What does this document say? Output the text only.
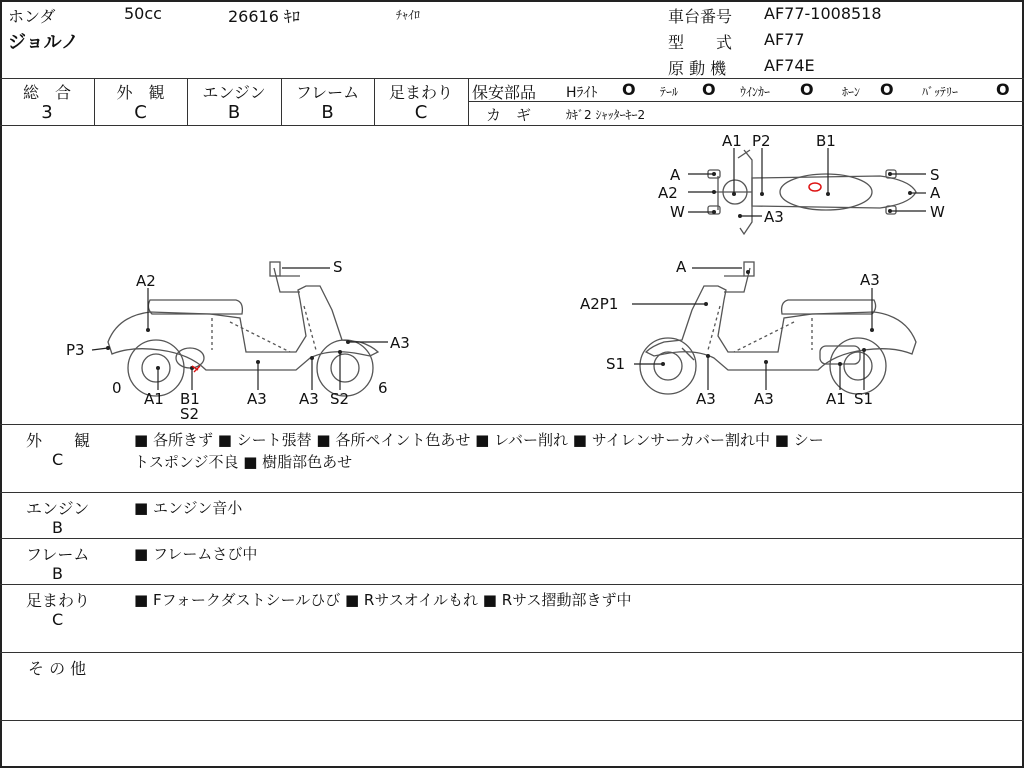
ホンダ	50cc	26616 ｷﾛ	ﾁｬｲﾛ
ジョルノ
車台番号 AF77-1008518
型　　式 AF77
原 動 機 AF74E
総　合
3
外　観
C
エンジン
B
フレーム
B
足まわり
C
保安部品 Hﾗｲﾄ O ﾃｰﾙ O ｳｲﾝｶｰ O ﾎｰﾝ O ﾊﾞｯﾃﾘｰ O
カ　ギ	ｶｷﾞ2 ｼｬｯﾀｰｷｰ2
A2
P3
0
A1 B1
S2
A3 A3 S2
6
A3
S	A
A2P1
S1
A3	A3	A1 S1
A3
A1 P2	B1
A
A2
W	A3
S
A
W
外　　観
C
■ 各所きず ■ シート張替 ■ 各所ペイント色あせ ■ レバー削れ ■ サイレンサーカバー割れ中 ■ シー
トスポンジ不良 ■ 樹脂部色あせ
エンジン
B
■ エンジン音小
フレーム
B
■ フレームさび中
足まわり
C
■ Fフォークダストシールひび ■ Rサスオイルもれ ■ Rサス摺動部きず中
そ の 他
